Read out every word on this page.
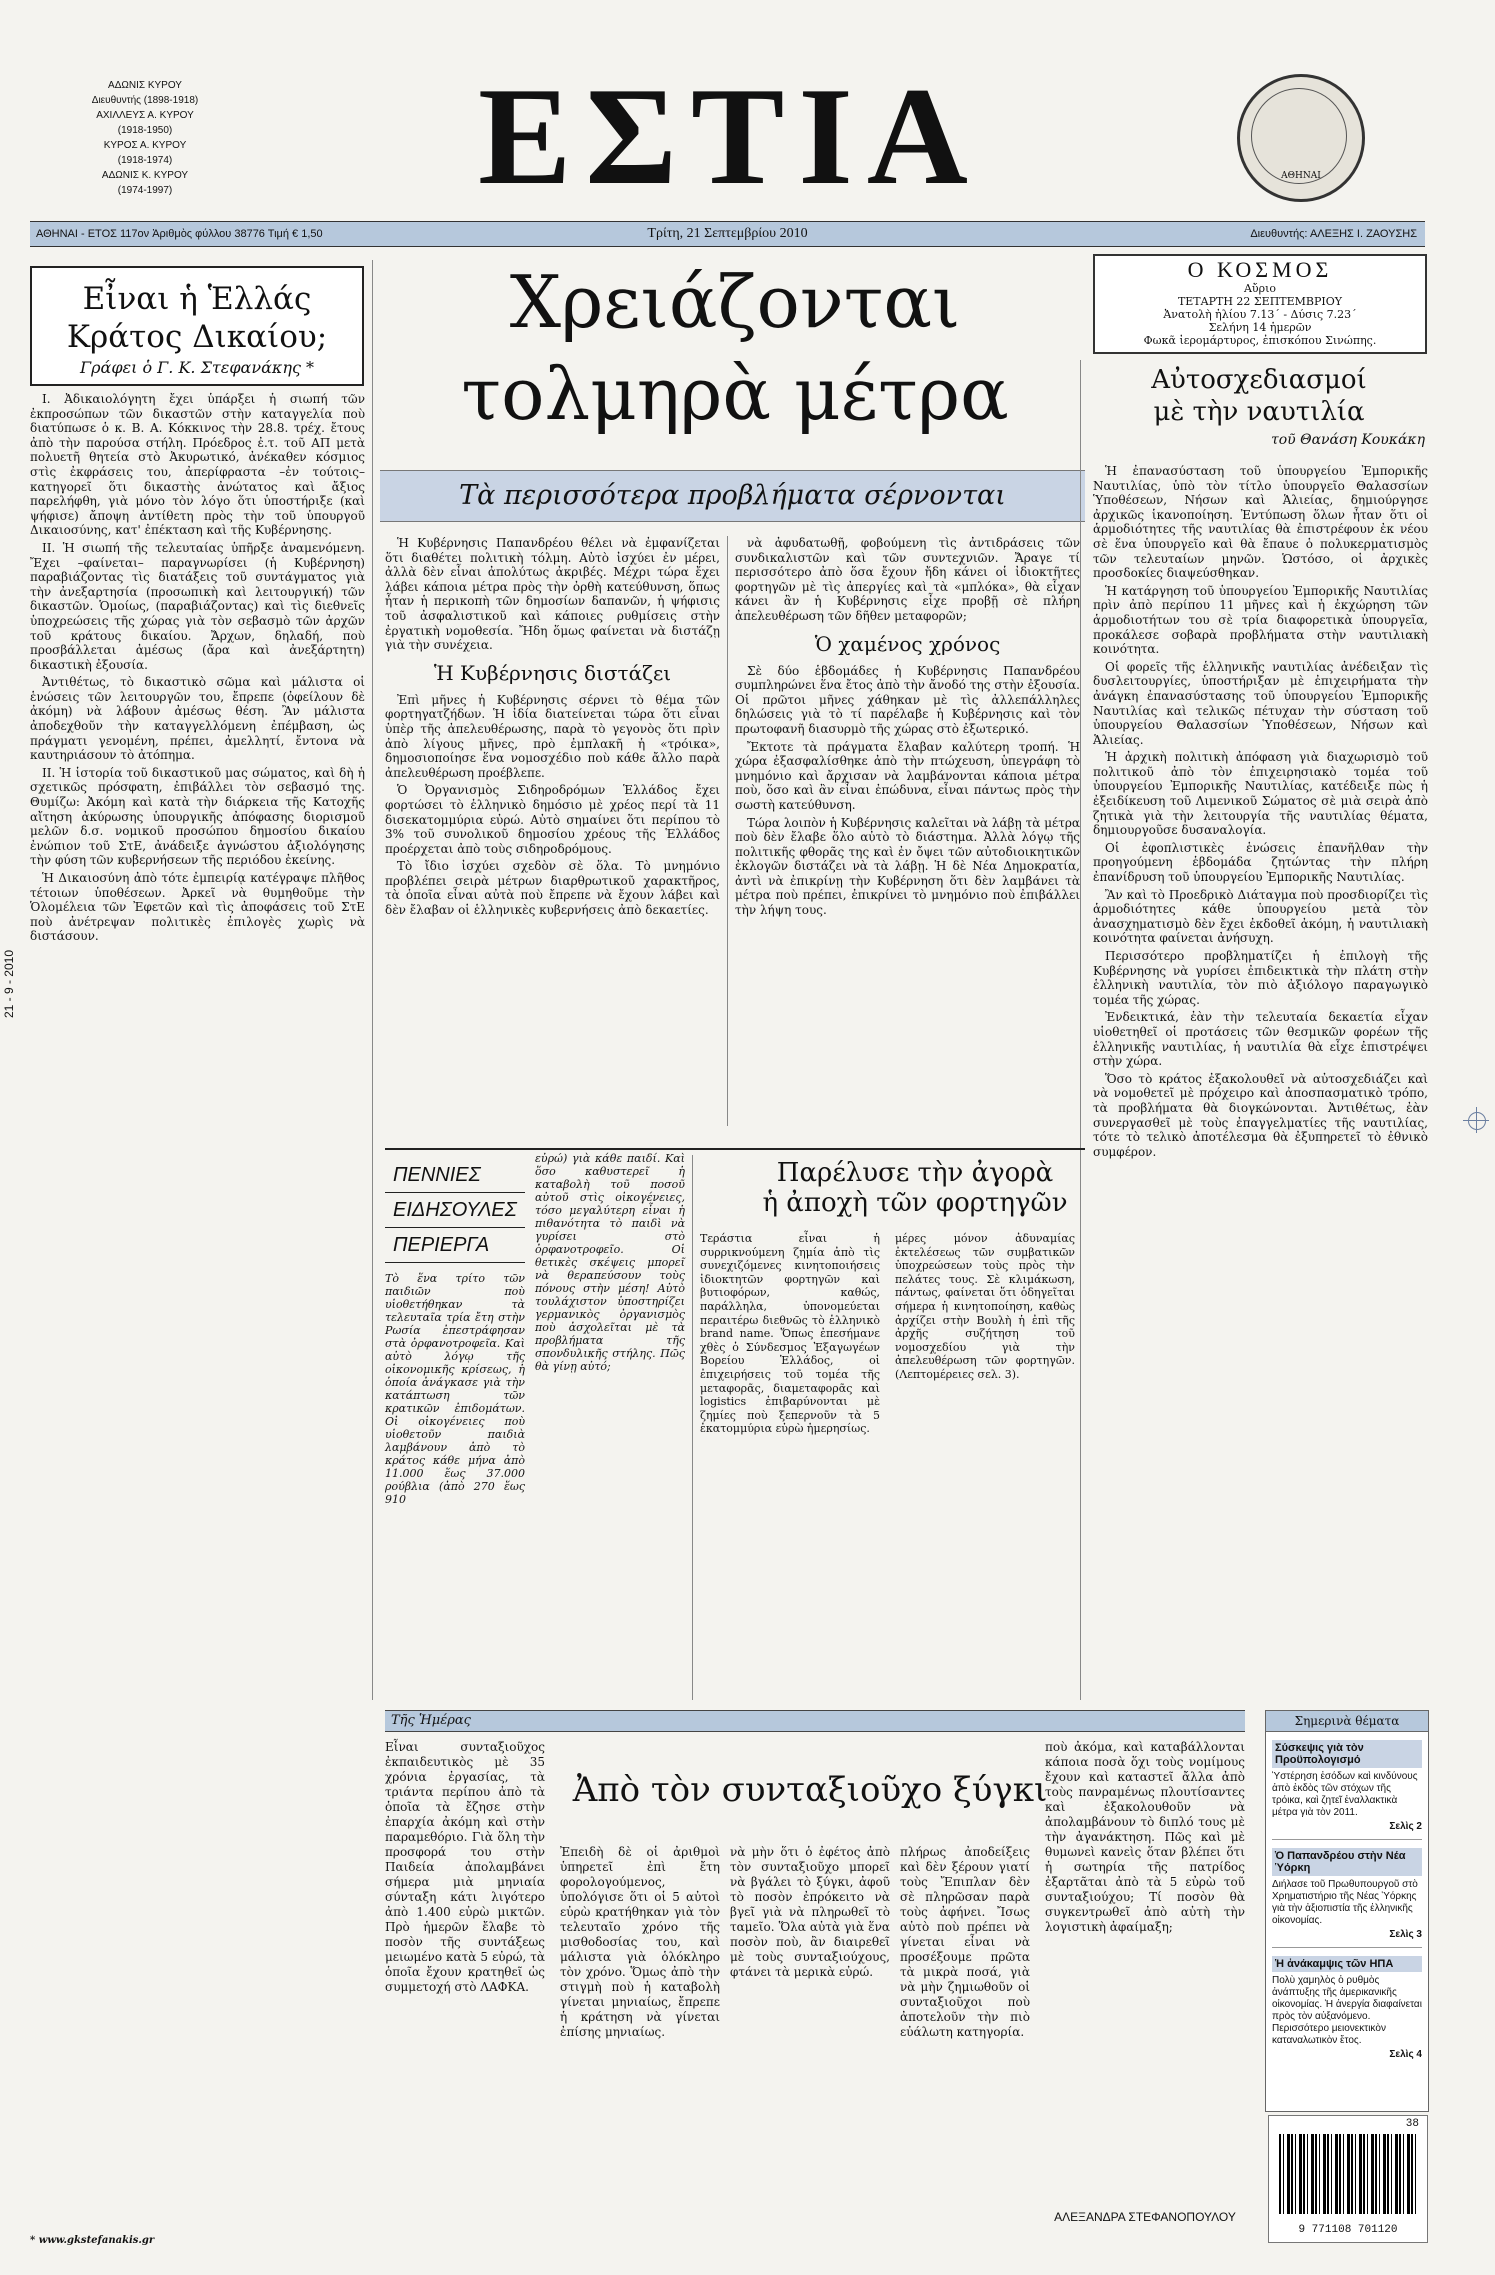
ΑΔΩΝΙΣ ΚΥΡΟΥ
Διευθυντής (1898-1918)
ΑΧΙΛΛΕΥΣ Α. ΚΥΡΟΥ
(1918-1950)
ΚΥΡΟΣ Α. ΚΥΡΟΥ
(1918-1974)
ΑΔΩΝΙΣ Κ. ΚΥΡΟΥ
(1974-1997)	ΕΣΤΙΑ	ΑΘΗΝΑΙ
ΑΘΗΝΑΙ - ΕΤΟΣ 117ον Ἀριθμὸς φύλλου 38776 Τιμή € 1,50	Τρίτη, 21 Σεπτεμβρίου 2010	Διευθυντής: ΑΛΕΞΗΣ Ι. ΖΑΟΥΣΗΣ
21 - 9 - 2010
Εἶναι ἡ Ἑλλάς
Κράτος Δικαίου;
Γράφει ὁ Γ. Κ. Στεφανάκης *

Ι. Ἀδικαιολόγητη ἔχει ὑπάρξει ἡ σιωπή τῶν ἐκπροσώπων τῶν δικαστῶν στὴν καταγγελία ποὺ διατύπωσε ὁ κ. Β. Α. Κόκκινος τὴν 28.8. τρέχ. ἔτους ἀπὸ τὴν παρούσα στήλη. Πρόεδρος ἐ.τ. τοῦ ΑΠ μετὰ πολυετῆ θητεία στὸ Ἀκυρωτικό, ἀνέκαθεν κόσμιος στὶς ἐκφράσεις του, ἀπερίφραστα –ἐν τούτοις– κατηγορεῖ ὅτι δικαστὴς ἀνώτατος καὶ ἄξιος παρελήφθη, γιὰ μόνο τὸν λόγο ὅτι ὑποστήριξε (καὶ ψήφισε) ἄποψη ἀντίθετη πρὸς τὴν τοῦ ὑπουργοῦ Δικαιοσύνης, κατ' ἐπέκταση καὶ τῆς Κυβέρνησης.

ΙΙ. Ἡ σιωπή τῆς τελευταίας ὑπῆρξε ἀναμενόμενη. Ἔχει –φαίνεται– παραγνωρίσει (ἡ Κυβέρνηση) παραβιάζοντας τὶς διατάξεις τοῦ συντάγματος γιὰ τὴν ἀνεξαρτησία (προσωπικὴ καὶ λειτουργική) τῶν δικαστῶν. Ὁμοίως, (παραβιάζοντας) καὶ τὶς διεθνεῖς ὑποχρεώσεις τῆς χώρας γιὰ τὸν σεβασμὸ τῶν ἀρχῶν τοῦ κράτους δικαίου. Ἄρχων, δηλαδή, ποὺ προσβάλλεται ἀμέσως (ἄρα καὶ ἀνεξάρτητη) δικαστικὴ ἐξουσία.

Ἀντιθέτως, τὸ δικαστικὸ σῶμα καὶ μάλιστα οἱ ἑνώσεις τῶν λειτουργῶν του, ἔπρεπε (ὀφείλουν δὲ ἀκόμη) νὰ λάβουν ἀμέσως θέση. Ἂν μάλιστα ἀποδεχθοῦν τὴν καταγγελλόμενη ἐπέμβαση, ὡς πράγματι γενομένη, πρέπει, ἀμελλητί, ἔντονα νὰ καυτηριάσουν τὸ ἀτόπημα.

ΙΙ. Ἡ ἱστορία τοῦ δικαστικοῦ μας σώματος, καὶ δὴ ἡ σχετικῶς πρόσφατη, ἐπιβάλλει τὸν σεβασμό της. Θυμίζω: Ἀκόμη καὶ κατὰ τὴν διάρκεια τῆς Κατοχῆς αἴτηση ἀκύρωσης ὑπουργικῆς ἀπόφασης διορισμοῦ μελῶν δ.σ. νομικοῦ προσώπου δημοσίου δικαίου ἐνώπιον τοῦ ΣτΕ, ἀνάδειξε ἀγνώστου ἀξιολόγησης τὴν φύση τῶν κυβερνήσεων τῆς περιόδου ἐκείνης.

Ἡ Δικαιοσύνη ἀπὸ τότε ἐμπειρίᾳ κατέγραψε πλῆθος τέτοιων ὑποθέσεων. Ἀρκεῖ νὰ θυμηθοῦμε τὴν Ὁλομέλεια τῶν Ἐφετῶν καὶ τὶς ἀποφάσεις τοῦ ΣτΕ ποὺ ἀνέτρεψαν πολιτικὲς ἐπιλογὲς χωρὶς νὰ διστάσουν.

Χρειάζονται
τολμηρὰ μέτρα
Τὰ περισσότερα προβλήματα σέρνονται

Ἡ Κυβέρνησις Παπανδρέου θέλει νὰ ἐμφανίζεται ὅτι διαθέτει πολιτικὴ τόλμη. Αὐτὸ ἰσχύει ἐν μέρει, ἀλλὰ δὲν εἶναι ἀπολύτως ἀκριβές. Μέχρι τώρα ἔχει λάβει κάποια μέτρα πρὸς τὴν ὀρθὴ κατεύθυνση, ὅπως ἦταν ἡ περικοπὴ τῶν δημοσίων δαπανῶν, ἡ ψήφισις τοῦ ἀσφαλιστικοῦ καὶ κάποιες ρυθμίσεις στὴν ἐργατικὴ νομοθεσία. Ἤδη ὅμως φαίνεται νὰ διστάζῃ γιὰ τὴν συνέχεια.

Ἡ Κυβέρνησις διστάζει

Ἐπὶ μῆνες ἡ Κυβέρνησις σέρνει τὸ θέμα τῶν φορτηγατζήδων. Ἡ ἰδία διατείνεται τώρα ὅτι εἶναι ὑπὲρ τῆς ἀπελευθέρωσης, παρὰ τὸ γεγονὸς ὅτι πρὶν ἀπὸ λίγους μῆνες, πρὸ ἐμπλακῆ ἡ «τρόικα», δημοσιοποίησε ἕνα νομοσχέδιο ποὺ κάθε ἄλλο παρὰ ἀπελευθέρωση προέβλεπε.

Ὁ Ὀργανισμὸς Σιδηροδρόμων Ἑλλάδος ἔχει φορτώσει τὸ ἑλληνικὸ δημόσιο μὲ χρέος περί τὰ 11 δισεκατομμύρια εὐρώ. Αὐτὸ σημαίνει ὅτι περίπου τὸ 3% τοῦ συνολικοῦ δημοσίου χρέους τῆς Ἑλλάδος προέρχεται ἀπὸ τοὺς σιδηροδρόμους.

Τὸ ἴδιο ἰσχύει σχεδὸν σὲ ὅλα. Τὸ μνημόνιο προβλέπει σειρὰ μέτρων διαρθρωτικοῦ χαρακτῆρος, τὰ ὁποῖα εἶναι αὐτὰ ποὺ ἔπρεπε νὰ ἔχουν λάβει καὶ δὲν ἔλαβαν οἱ ἑλληνικὲς κυβερνήσεις ἀπὸ δεκαετίες.

νὰ ἀφυδατωθῇ, φοβούμενη τὶς ἀντιδράσεις τῶν συνδικαλιστῶν καὶ τῶν συντεχνιῶν. Ἄραγε τί περισσότερο ἀπὸ ὅσα ἔχουν ἤδη κάνει οἱ ἰδιοκτῆτες φορτηγῶν μὲ τὶς ἀπεργίες καὶ τὰ «μπλόκα», θὰ εἶχαν κάνει ἂν ἡ Κυβέρνησις εἶχε προβῇ σὲ πλήρη ἀπελευθέρωση τῶν δῆθεν μεταφορῶν;

Ὁ χαμένος χρόνος

Σὲ δύο ἑβδομάδες ἡ Κυβέρνησις Παπανδρέου συμπληρώνει ἕνα ἔτος ἀπὸ τὴν ἄνοδό της στὴν ἐξουσία. Οἱ πρῶτοι μῆνες χάθηκαν μὲ τὶς ἀλλεπάλληλες δηλώσεις γιὰ τὸ τί παρέλαβε ἡ Κυβέρνησις καὶ τὸν πρωτοφανῆ διασυρμὸ τῆς χώρας στὸ ἐξωτερικό.

Ἔκτοτε τὰ πράγματα ἔλαβαν καλύτερη τροπή. Ἡ χώρα ἐξασφαλίσθηκε ἀπὸ τὴν πτώχευση, ὑπεγράφη τὸ μνημόνιο καὶ ἄρχισαν νὰ λαμβάνονται κάποια μέτρα ποὺ, ὅσο καὶ ἂν εἶναι ἐπώδυνα, εἶναι πάντως πρὸς τὴν σωστὴ κατεύθυνση.

Τώρα λοιπὸν ἡ Κυβέρνησις καλεῖται νὰ λάβῃ τὰ μέτρα ποὺ δὲν ἔλαβε ὅλο αὐτὸ τὸ διάστημα. Ἀλλὰ λόγῳ τῆς πολιτικῆς φθορᾶς της καὶ ἐν ὄψει τῶν αὐτοδιοικητικῶν ἐκλογῶν διστάζει νὰ τὰ λάβῃ. Ἡ δὲ Νέα Δημοκρατία, ἀντὶ νὰ ἐπικρίνῃ τὴν Κυβέρνηση ὅτι δὲν λαμβάνει τὰ μέτρα ποὺ πρέπει, ἐπικρίνει τὸ μνημόνιο ποὺ ἐπιβάλλει τὴν λήψη τους.

Ο ΚΟΣΜΟΣ
Αὔριο
ΤΕΤΑΡΤΗ 22 ΣΕΠΤΕΜΒΡΙΟΥ
Ἀνατολὴ ἡλίου 7.13΄ - Δύσις 7.23΄
Σελήνη 14 ἡμερῶν
Φωκᾶ ἱερομάρτυρος, ἐπισκόπου Σινώπης.
Αὐτοσχεδιασμοί
μὲ τὴν ναυτιλία
τοῦ Θανάση Κουκάκη

Ἡ ἐπανασύσταση τοῦ ὑπουργείου Ἐμπορικῆς Ναυτιλίας, ὑπὸ τὸν τίτλο ὑπουργεῖο Θαλασσίων Ὑποθέσεων, Νήσων καὶ Ἁλιείας, δημιούργησε ἀρχικῶς ἱκανοποίηση. Ἐντύπωση ὅλων ἦταν ὅτι οἱ ἁρμοδιότητες τῆς ναυτιλίας θὰ ἐπιστρέφουν ἐκ νέου σὲ ἕνα ὑπουργεῖο καὶ θὰ ἔπαυε ὁ πολυκερματισμὸς τῶν τελευταίων μηνῶν. Ὡστόσο, οἱ ἀρχικὲς προσδοκίες διαψεύσθηκαν.

Ἡ κατάργηση τοῦ ὑπουργείου Ἐμπορικῆς Ναυτιλίας πρὶν ἀπὸ περίπου 11 μῆνες καὶ ἡ ἐκχώρηση τῶν ἁρμοδιοτήτων του σὲ τρία διαφορετικὰ ὑπουργεῖα, προκάλεσε σοβαρὰ προβλήματα στὴν ναυτιλιακὴ κοινότητα.

Οἱ φορεῖς τῆς ἑλληνικῆς ναυτιλίας ἀνέδειξαν τὶς δυσλειτουργίες, ὑποστήριξαν μὲ ἐπιχειρήματα τὴν ἀνάγκη ἐπανασύστασης τοῦ ὑπουργείου Ἐμπορικῆς Ναυτιλίας καὶ τελικῶς πέτυχαν τὴν σύσταση τοῦ ὑπουργείου Θαλασσίων Ὑποθέσεων, Νήσων καὶ Ἁλιείας.

Ἡ ἀρχικὴ πολιτικὴ ἀπόφαση γιὰ διαχωρισμὸ τοῦ πολιτικοῦ ἀπὸ τὸν ἐπιχειρησιακὸ τομέα τοῦ ὑπουργείου Ἐμπορικῆς Ναυτιλίας, κατέδειξε πὼς ἡ ἐξειδίκευση τοῦ Λιμενικοῦ Σώματος σὲ μιὰ σειρὰ ἀπὸ ζητικὰ γιὰ τὴν λειτουργία τῆς ναυτιλίας θέματα, δημιουργοῦσε δυσαναλογία.

Οἱ ἐφοπλιστικὲς ἑνώσεις ἐπανῆλθαν τὴν προηγούμενη ἑβδομάδα ζητώντας τὴν πλήρη ἐπανίδρυση τοῦ ὑπουργείου Ἐμπορικῆς Ναυτιλίας.

Ἂν καὶ τὸ Προεδρικὸ Διάταγμα ποὺ προσδιορίζει τὶς ἁρμοδιότητες κάθε ὑπουργείου μετὰ τὸν ἀνασχηματισμὸ δὲν ἔχει ἐκδοθεῖ ἀκόμη, ἡ ναυτιλιακὴ κοινότητα φαίνεται ἀνήσυχη.

Περισσότερο προβληματίζει ἡ ἐπιλογὴ τῆς Κυβέρνησης νὰ γυρίσει ἐπιδεικτικὰ τὴν πλάτη στὴν ἑλληνικὴ ναυτιλία, τὸν πιὸ ἀξιόλογο παραγωγικὸ τομέα τῆς χώρας.

Ἐνδεικτικά, ἐὰν τὴν τελευταία δεκαετία εἶχαν υἱοθετηθεῖ οἱ προτάσεις τῶν θεσμικῶν φορέων τῆς ἑλληνικῆς ναυτιλίας, ἡ ναυτιλία θὰ εἶχε ἐπιστρέψει στὴν χώρα.

Ὅσο τὸ κράτος ἐξακολουθεῖ νὰ αὐτοσχεδιάζει καὶ νὰ νομοθετεῖ μὲ πρόχειρο καὶ ἀποσπασματικὸ τρόπο, τὰ προβλήματα θὰ διογκώνονται. Ἀντιθέτως, ἐὰν συνεργασθεῖ μὲ τοὺς ἐπαγγελματίες τῆς ναυτιλίας, τότε τὸ τελικὸ ἀποτέλεσμα θὰ ἐξυπηρετεῖ τὸ ἐθνικὸ συμφέρον.

ΠΕΝΝΙΕΣ
ΕΙΔΗΣΟΥΛΕΣ
ΠΕΡΙΕΡΓΑ
Τὸ ἕνα τρίτο τῶν παιδιῶν ποὺ υἱοθετήθηκαν τὰ τελευταῖα τρία ἔτη στὴν Ρωσία ἐπεστράφησαν στὰ ὀρφανοτροφεῖα. Καὶ αὐτὸ λόγῳ τῆς οἰκονομικῆς κρίσεως, ἡ ὁποία ἀνάγκασε γιὰ τὴν κατάπτωση τῶν κρατικῶν ἐπιδομάτων. Οἱ οἰκογένειες ποὺ υἱοθετοῦν παιδιὰ λαμβάνουν ἀπὸ τὸ κράτος κάθε μήνα ἀπὸ 11.000 ἕως 37.000 ρούβλια (ἀπὸ 270 ἕως 910
εὐρώ) γιὰ κάθε παιδί. Καὶ ὅσο καθυστερεῖ ἡ καταβολὴ τοῦ ποσοῦ αὐτοῦ στὶς οἰκογένειες, τόσο μεγαλύτερη εἶναι ἡ πιθανότητα τὸ παιδὶ νὰ γυρίσει στὸ ὀρφανοτροφεῖο. Οἱ θετικὲς σκέψεις μπορεῖ νὰ θεραπεύσουν τοὺς πόνους στὴν μέση! Αὐτὸ τουλάχιστον ὑποστηρίζει γερμανικὸς ὀργανισμὸς ποὺ ἀσχολεῖται μὲ τὰ προβλήματα τῆς σπονδυλικῆς στήλης. Πῶς θὰ γίνῃ αὐτό;
Παρέλυσε τὴν ἀγορὰ
ἡ ἀποχὴ τῶν φορτηγῶν
Τεράστια εἶναι ἡ συρρικνούμενη ζημία ἀπὸ τὶς συνεχιζόμενες κινητοποιήσεις ἰδιοκτητῶν φορτηγῶν καὶ βυτιοφόρων, καθώς, παράλληλα, ὑπονομεύεται περαιτέρω διεθνῶς τὸ ἑλληνικὸ brand name. Ὅπως ἐπεσήμανε χθὲς ὁ Σύνδεσμος Ἐξαγωγέων Βορείου Ἑλλάδος, οἱ ἐπιχειρήσεις τοῦ τομέα τῆς μεταφορᾶς, διαμεταφορᾶς καὶ logistics ἐπιβαρύνονται μὲ ζημίες ποὺ ξεπερνοῦν τὰ 5 ἑκατομμύρια εὐρὼ ἡμερησίως.
μέρες μόνον ἀδυναμίας ἐκτελέσεως τῶν συμβατικῶν ὑποχρεώσεων τοὺς πρὸς τὴν πελάτες τους. Σὲ κλιμάκωση, πάντως, φαίνεται ὅτι ὁδηγεῖται σήμερα ἡ κινητοποίηση, καθὼς ἀρχίζει στὴν Βουλὴ ἡ ἐπὶ τῆς ἀρχῆς συζήτηση τοῦ νομοσχεδίου γιὰ τὴν ἀπελευθέρωση τῶν φορτηγῶν. (Λεπτομέρειες σελ. 3).
Τῆς Ἡμέρας
Ἀπὸ τὸν συνταξιοῦχο ξύγκι
Εἶναι συνταξιοῦχος ἐκπαιδευτικὸς μὲ 35 χρόνια ἐργασίας, τὰ τριάντα περίπου ἀπὸ τὰ ὁποῖα τὰ ἔζησε στὴν ἐπαρχία ἀκόμη καὶ στὴν παραμεθόριο. Γιὰ ὅλη τὴν προσφορά του στὴν Παιδεία ἀπολαμβάνει σήμερα μιὰ μηνιαία σύνταξη κάτι λιγότερο ἀπὸ 1.400 εὐρὼ μικτῶν. Πρὸ ἡμερῶν ἔλαβε τὸ ποσὸν τῆς συντάξεως μειωμένο κατὰ 5 εὐρώ, τὰ ὁποῖα ἔχουν κρατηθεῖ ὡς συμμετοχή στὸ ΛΑΦΚΑ.
Ἐπειδὴ δὲ οἱ ἀριθμοὶ ὑπηρετεῖ ἐπὶ ἔτη φορολογούμενος, ὑπολόγισε ὅτι οἱ 5 αὐτοὶ εὐρὼ κρατήθηκαν γιὰ τὸν τελευταῖο χρόνο τῆς μισθοδοσίας του, καὶ μάλιστα γιὰ ὁλόκληρο τὸν χρόνο. Ὅμως ἀπὸ τὴν στιγμὴ ποὺ ἡ καταβολὴ γίνεται μηνιαίως, ἔπρεπε ἡ κράτηση νὰ γίνεται ἐπίσης μηνιαίως.
νὰ μὴν ὅτι ὁ ἐφέτος ἀπὸ τὸν συνταξιοῦχο μπορεῖ νὰ βγάλει τὸ ξύγκι, ἀφοῦ τὸ ποσὸν ἐπρόκειτο νὰ βγεῖ γιὰ νὰ πληρωθεῖ τὸ ταμεῖο. Ὅλα αὐτὰ γιὰ ἕνα ποσὸν ποὺ, ἂν διαιρεθεῖ μὲ τοὺς συνταξιούχους, φτάνει τὰ μερικὰ εὐρώ.
πλήρως ἀποδείξεις καὶ δὲν ξέρουν γιατί τοὺς Ἔπιπλαν δὲν σὲ πληρῶσαν παρὰ τοὺς ἀφήνει. Ἴσως αὐτὸ ποὺ πρέπει νὰ γίνεται εἶναι νὰ προσέξουμε πρῶτα τὰ μικρὰ ποσά, γιὰ νὰ μὴν ζημιωθοῦν οἱ συνταξιοῦχοι ποὺ ἀποτελοῦν τὴν πιὸ εὐάλωτη κατηγορία.
ποὺ ἀκόμα, καὶ καταβάλλονται κάποια ποσὰ ὅχι τοὺς νομίμους ἔχουν καὶ καταστεῖ ἄλλα ἀπὸ τοὺς πανραμένως πλουτίσαντες καὶ ἐξακολουθοῦν νὰ ἀπολαμβάνουν τὸ διπλό τους μὲ τὴν ἀγανάκτηση. Πῶς καὶ μὲ θυμωνεὶ κανεὶς ὅταν βλέπει ὅτι ἡ σωτηρία τῆς πατρίδος ἐξαρτᾶται ἀπὸ τὰ 5 εὐρὼ τοῦ συνταξιούχου; Τί ποσὸν θὰ συγκεντρωθεῖ ἀπὸ αὐτὴ τὴν λογιστικὴ ἀφαίμαξη;
ΑΛΕΞΑΝΔΡΑ ΣΤΕΦΑΝΟΠΟΥΛΟΥ
Σημερινὰ θέματα
Σύσκεψις γιὰ τὸν Προϋπολογισμό
Ὑστέρηση ἐσόδων καὶ κινδύνους ἀπὸ ἐκδὸς τῶν στόχων τῆς τρόικα, καὶ ζητεῖ ἐναλλακτικὰ μέτρα γιὰ τὸν 2011.
Σελὶς 2
Ὁ Παπανδρέου στὴν Νέα Ὑόρκη
Διήλασε τοῦ Πρωθυπουργοῦ στὸ Χρηματιστήριο τῆς Νέας Ὑόρκης γιὰ τὴν ἀξιοπιστία τῆς ἑλληνικῆς οἰκονομίας.
Σελὶς 3
Ἡ ἀνάκαμψις τῶν ΗΠΑ
Πολὺ χαμηλὸς ὁ ρυθμὸς ἀνάπτυξης τῆς ἀμερικανικῆς οἰκονομίας. Ἡ ἀνεργία διαφαίνεται πρὸς τὸν αὐξανόμενο. Περισσότερο μειονεκτικὸν καταναλωτικὸν ἔτος.
Σελὶς 4
38
9 771108 701120
* www.gkstefanakis.gr
